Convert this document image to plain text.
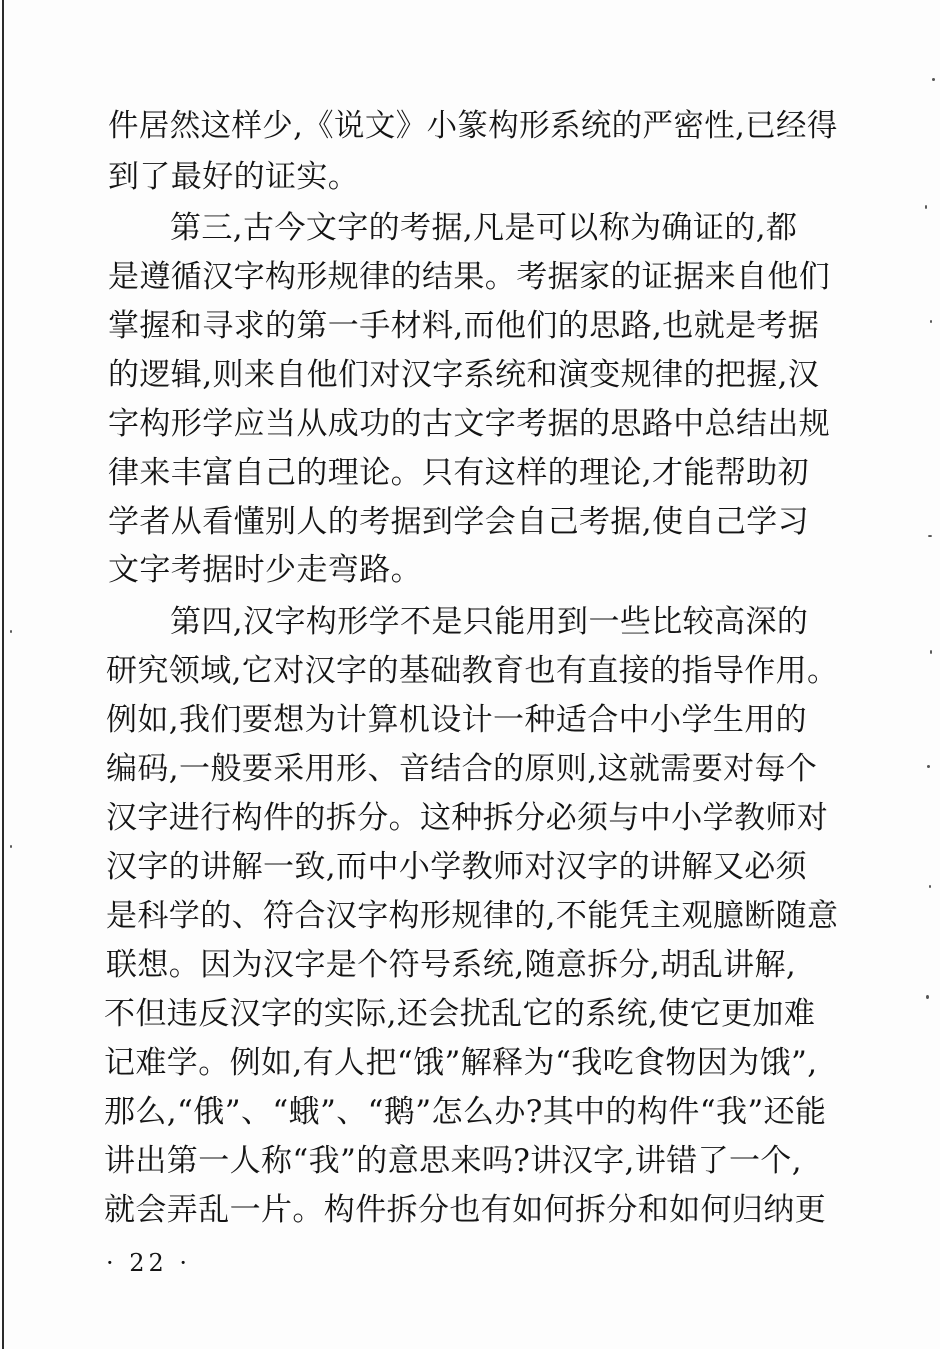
件居然这样少,《说文》小篆构形系统的严密性,已经得
到了最好的证实。
第三,古今文字的考据,凡是可以称为确证的,都
是遵循汉字构形规律的结果。考据家的证据来自他们
掌握和寻求的第一手材料,而他们的思路,也就是考据
的逻辑,则来自他们对汉字系统和演变规律的把握,汉
字构形学应当从成功的古文字考据的思路中总结出规
律来丰富自己的理论。只有这样的理论,才能帮助初
学者从看懂别人的考据到学会自己考据,使自己学习
文字考据时少走弯路。
第四,汉字构形学不是只能用到一些比较高深的
研究领域,它对汉字的基础教育也有直接的指导作用。
例如,我们要想为计算机设计一种适合中小学生用的
编码,一般要采用形、音结合的原则,这就需要对每个
汉字进行构件的拆分。这种拆分必须与中小学教师对
汉字的讲解一致,而中小学教师对汉字的讲解又必须
是科学的、符合汉字构形规律的,不能凭主观臆断随意
联想。因为汉字是个符号系统,随意拆分,胡乱讲解,
不但违反汉字的实际,还会扰乱它的系统,使它更加难
记难学。例如,有人把“饿”解释为“我吃食物因为饿”,
那么,“俄”、“蛾”、“鹅”怎么办?其中的构件“我”还能
讲出第一人称“我”的意思来吗?讲汉字,讲错了一个,
就会弄乱一片。构件拆分也有如何拆分和如何归纳更
· 22 ·
